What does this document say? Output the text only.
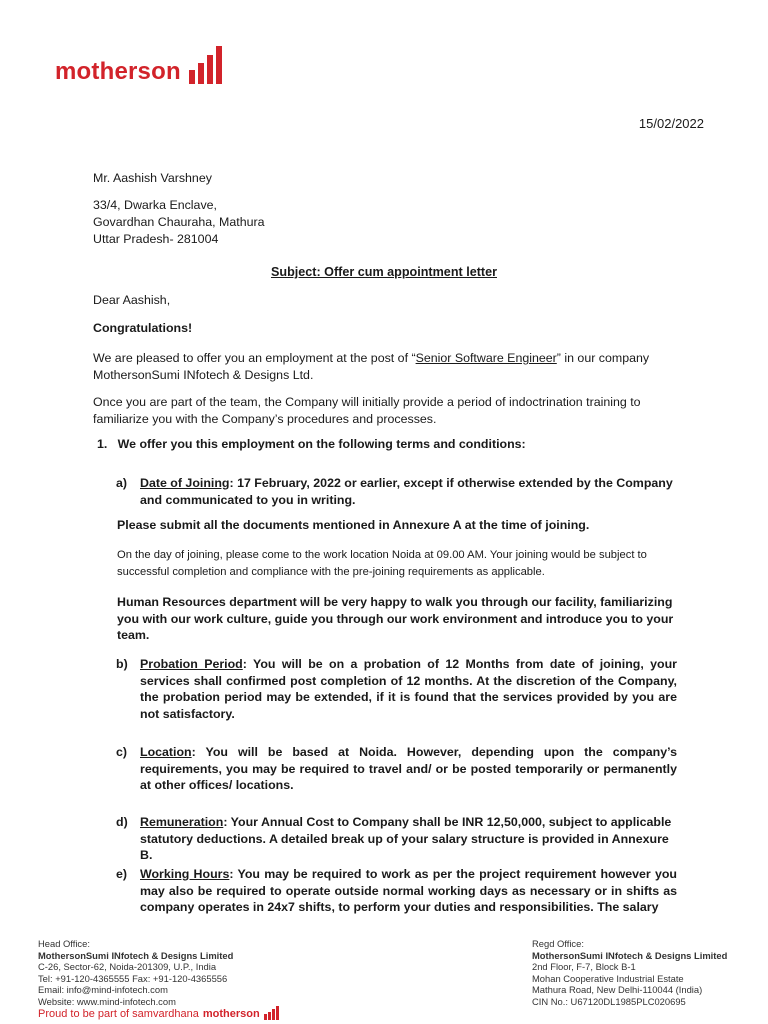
motherson
15/02/2022
Mr. Aashish Varshney
33/4, Dwarka Enclave,
Govardhan Chauraha, Mathura
Uttar Pradesh- 281004
Subject: Offer cum appointment letter
Dear Aashish,
Congratulations!
We are pleased to offer you an employment at the post of “Senior Software Engineer” in our company MothersonSumi INfotech & Designs Ltd.
Once you are part of the team, the Company will initially provide a period of indoctrination training to familiarize you with the Company’s procedures and processes.
1. We offer you this employment on the following terms and conditions:
a) Date of Joining: 17 February, 2022 or earlier, except if otherwise extended by the Company and communicated to you in writing.
Please submit all the documents mentioned in Annexure A at the time of joining.
On the day of joining, please come to the work location Noida at 09.00 AM. Your joining would be subject to successful completion and compliance with the pre-joining requirements as applicable.
Human Resources department will be very happy to walk you through our facility, familiarizing you with our work culture, guide you through our work environment and introduce you to your team.
b) Probation Period: You will be on a probation of 12 Months from date of joining, your services shall confirmed post completion of 12 months. At the discretion of the Company, the probation period may be extended, if it is found that the services provided by you are not satisfactory.
c) Location: You will be based at Noida. However, depending upon the company’s requirements, you may be required to travel and/ or be posted temporarily or permanently at other offices/ locations.
d) Remuneration: Your Annual Cost to Company shall be INR 12,50,000, subject to applicable statutory deductions. A detailed break up of your salary structure is provided in Annexure B.
e) Working Hours: You may be required to work as per the project requirement however you may also be required to operate outside normal working days as necessary or in shifts as company operates in 24x7 shifts, to perform your duties and responsibilities. The salary
Head Office:
MothersonSumi INfotech & Designs Limited
C-26, Sector-62, Noida-201309, U.P., India
Tel: +91-120-4365555 Fax: +91-120-4365556
Email: info@mind-infotech.com
Website: www.mind-infotech.com
Regd Office:
MothersonSumi INfotech & Designs Limited
2nd Floor, F-7, Block B-1
Mohan Cooperative Industrial Estate
Mathura Road, New Delhi-110044 (India)
CIN No.: U67120DL1985PLC020695
Proud to be part of samvardhana motherson
